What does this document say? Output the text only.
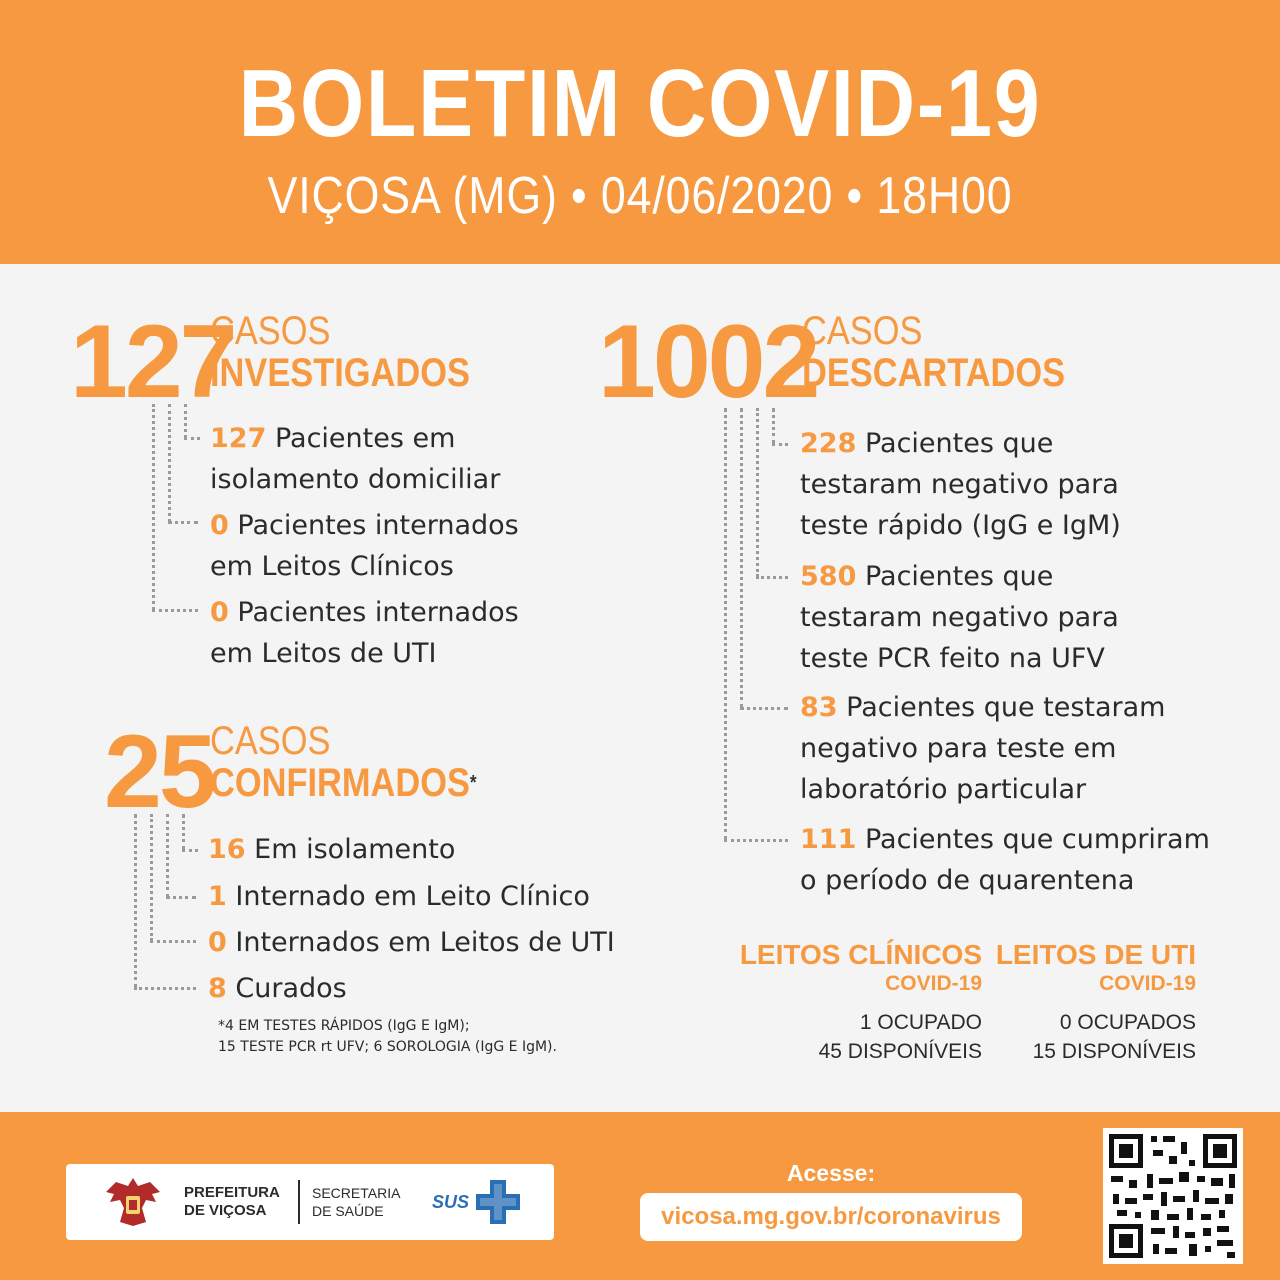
BOLETIM COVID-19
VIÇOSA (MG) • 04/06/2020 • 18H00
127
CASOS
INVESTIGADOS
127 Pacientes em
isolamento domiciliar
0 Pacientes internados
em Leitos Clínicos
0 Pacientes internados
em Leitos de UTI
25
CASOS
CONFIRMADOS*
16 Em isolamento
1 Internado em Leito Clínico
0 Internados em Leitos de UTI
8 Curados
*4 EM TESTES RÁPIDOS (IgG E IgM);
15 TESTE PCR rt UFV; 6 SOROLOGIA (IgG E IgM).
1002
CASOS
DESCARTADOS
228 Pacientes que
testaram negativo para
teste rápido (IgG e IgM)
580 Pacientes que
testaram negativo para
teste PCR feito na UFV
83 Pacientes que testaram
negativo para teste em
laboratório particular
111 Pacientes que cumpriram
o período de quarentena
LEITOS CLÍNICOS
COVID-19
1 OCUPADO
45 DISPONÍVEIS
LEITOS DE UTI
COVID-19
0 OCUPADOS
15 DISPONÍVEIS
PREFEITURA
DE VIÇOSA
SECRETARIA
DE SAÚDE	SUS
Acesse:
vicosa.mg.gov.br/coronavirus
